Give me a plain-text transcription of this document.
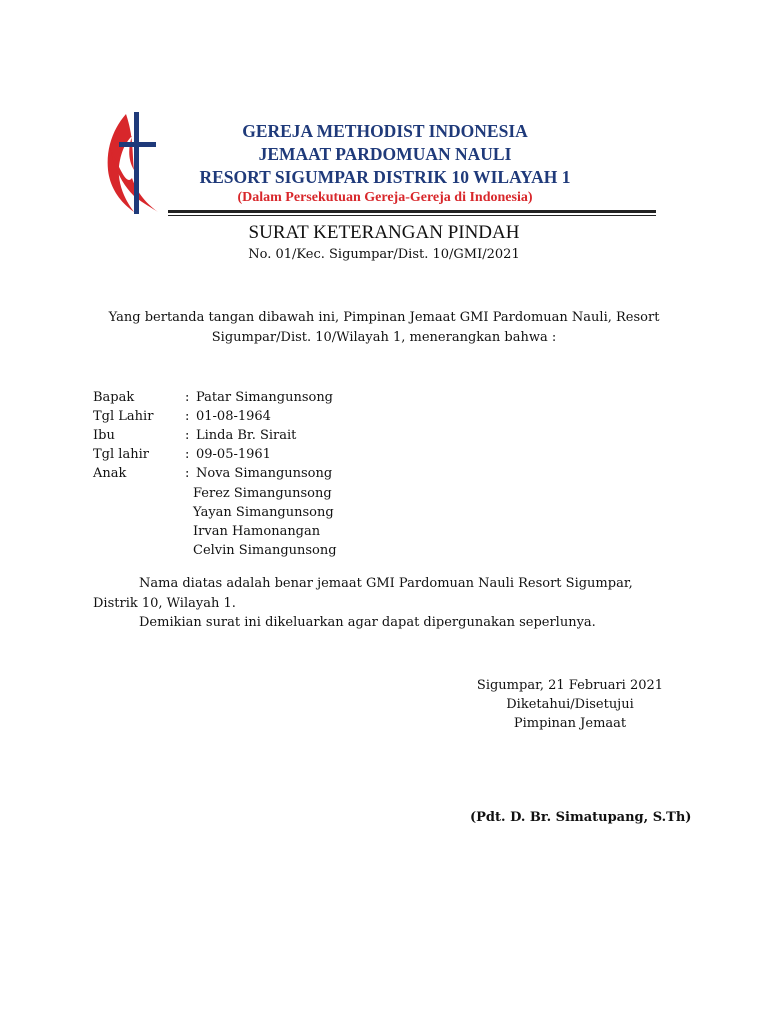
GEREJA METHODIST INDONESIA
JEMAAT PARDOMUAN NAULI
RESORT SIGUMPAR DISTRIK 10 WILAYAH 1
(Dalam Persekutuan Gereja-Gereja di Indonesia)
SURAT KETERANGAN PINDAH
No. 01/Kec. Sigumpar/Dist. 10/GMI/2021
Yang bertanda tangan dibawah ini, Pimpinan Jemaat GMI Pardomuan Nauli, Resort
Sigumpar/Dist. 10/Wilayah 1, menerangkan bahwa :
Bapak	: Patar Simangunsong
Tgl Lahir : 01-08-1964
Ibu	: Linda Br. Sirait
Tgl lahir	: 09-05-1961
Anak	: Nova Simangunsong
Ferez Simangunsong
Yayan Simangunsong
Irvan Hamonangan
Celvin Simangunsong
Nama diatas adalah benar jemaat GMI Pardomuan Nauli Resort Sigumpar,
Distrik 10, Wilayah 1.
Demikian surat ini dikeluarkan agar dapat dipergunakan seperlunya.
Sigumpar, 21 Februari 2021
Diketahui/Disetujui
Pimpinan Jemaat
(Pdt. D. Br. Simatupang, S.Th)
